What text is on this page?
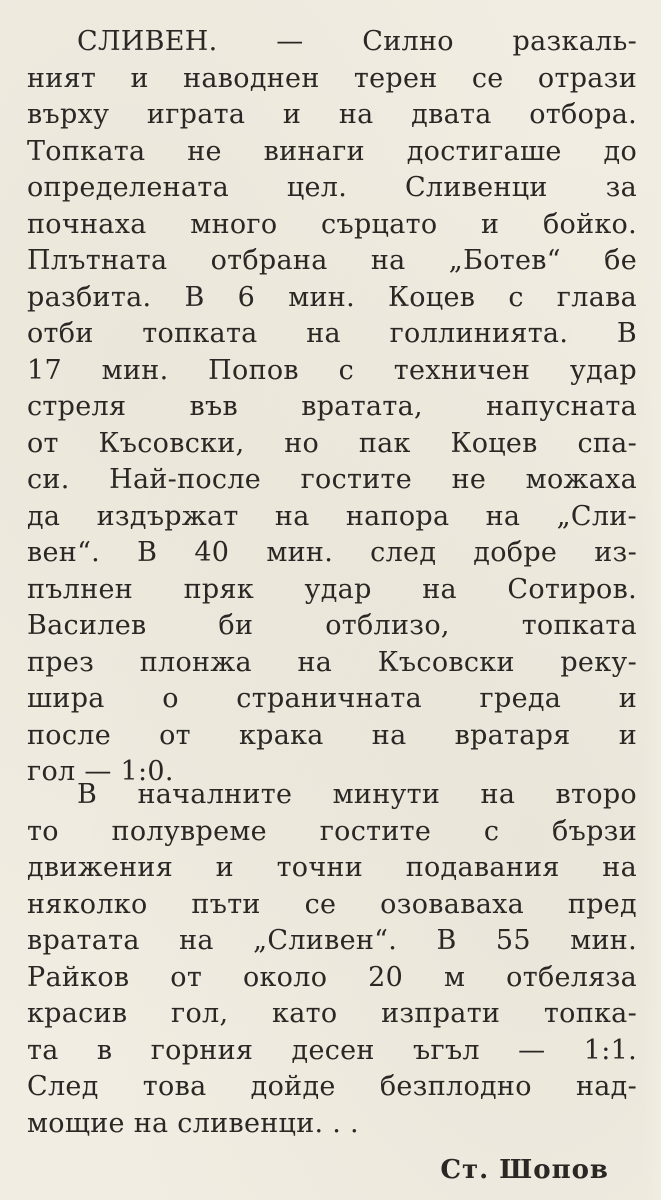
СЛИВЕН. — Силно разкаль-
ният и наводнен терен се отрази
върху играта и на двата отбора.
Топката не винаги достигаше до
определената цел. Сливенци за
почнаха много сърцато и бойко.
Плътната отбрана на „Ботев“ бе
разбита. В 6 мин. Коцев с глава
отби топката на голлинията. В
17 мин. Попов с техничен удар
стреля във вратата, напусната
от Късовски, но пак Коцев спа-
си. Най-после гостите не можаха
да издържат на напора на „Сли-
вен“. В 40 мин. след добре из-
пълнен пряк удар на Сотиров.
Василев би отблизо, топката
през плонжа на Късовски реку-
шира о страничната греда и
после от крака на вратаря и
гол — 1:0.
В началните минути на второ
то полувреме гостите с бързи
движения и точни подавания на
няколко пъти се озоваваха пред
вратата на „Сливен“. В 55 мин.
Райков от около 20 м отбеляза
красив гол, като изпрати топка-
та в горния десен ъгъл — 1:1.
След това дойде безплодно над-
мощие на сливенци. . .
Ст. Шопов
